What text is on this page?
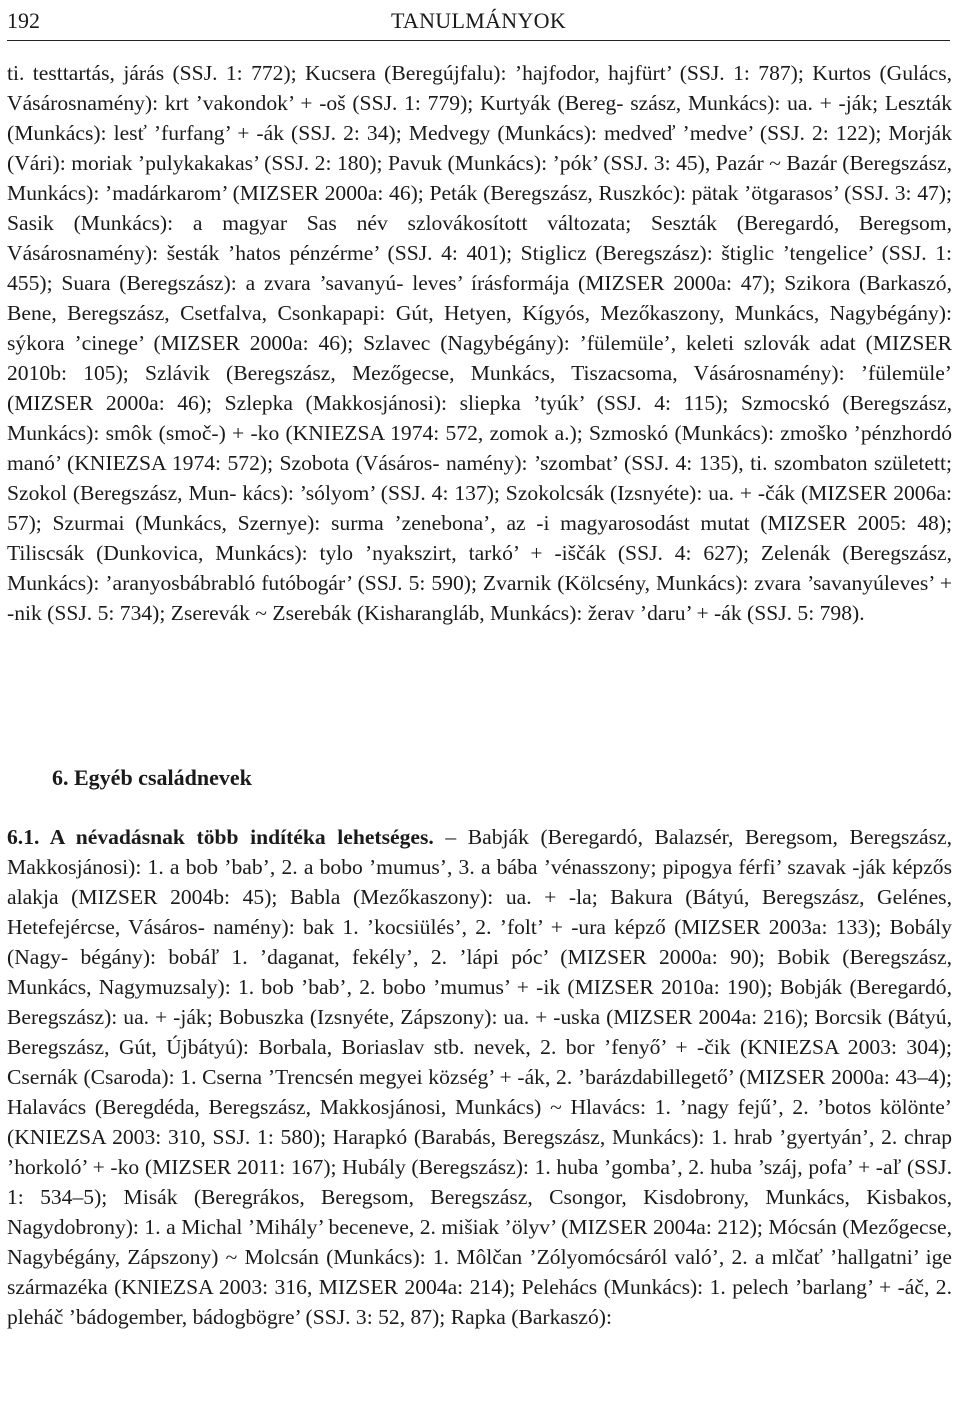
192	TANULMÁNYOK

ti. testtartás, járás (SSJ. 1: 772); Kucsera (Beregújfalu): ’hajfodor, hajfürt’ (SSJ. 1: 787); Kurtos (Gulács, Vásárosnamény): krt ’vakondok’ + -oš (SSJ. 1: 779); Kurtyák (Bereg- szász, Munkács): ua. + -ják; Leszták (Munkács): lesť ’furfang’ + -ák (SSJ. 2: 34); Medvegy (Munkács): medveď ’medve’ (SSJ. 2: 122); Morják (Vári): moriak ’pulykakakas’ (SSJ. 2: 180); Pavuk (Munkács): ’pók’ (SSJ. 3: 45), Pazár ~ Bazár (Beregszász, Munkács): ’madárkarom’ (MIZSER 2000a: 46); Peták (Beregszász, Ruszkóc): pätak ’ötgarasos’ (SSJ. 3: 47); Sasik (Munkács): a magyar Sas név szlovákosított változata; Seszták (Beregardó, Beregsom, Vásárosnamény): šesták ’hatos pénzérme’ (SSJ. 4: 401); Stiglicz (Beregszász): štiglic ’tengelice’ (SSJ. 1: 455); Suara (Beregszász): a zvara ’savanyú- leves’ írásformája (MIZSER 2000a: 47); Szikora (Barkaszó, Bene, Beregszász, Csetfalva, Csonkapapi: Gút, Hetyen, Kígyós, Mezőkaszony, Munkács, Nagybégány): sýkora ’cinege’ (MIZSER 2000a: 46); Szlavec (Nagybégány): ’fülemüle’, keleti szlovák adat (MIZSER 2010b: 105); Szlávik (Beregszász, Mezőgecse, Munkács, Tiszacsoma, Vásárosnamény): ’fülemüle’ (MIZSER 2000a: 46); Szlepka (Makkosjánosi): sliepka ’tyúk’ (SSJ. 4: 115); Szmocskó (Beregszász, Munkács): smôk (smoč-) + -ko (KNIEZSA 1974: 572, zomok a.); Szmoskó (Munkács): zmoško ’pénzhordó manó’ (KNIEZSA 1974: 572); Szobota (Vásáros- namény): ’szombat’ (SSJ. 4: 135), ti. szombaton született; Szokol (Beregszász, Mun- kács): ’sólyom’ (SSJ. 4: 137); Szokolcsák (Izsnyéte): ua. + -čák (MIZSER 2006a: 57); Szurmai (Munkács, Szernye): surma ’zenebona’, az -i magyarosodást mutat (MIZSER 2005: 48); Tiliscsák (Dunkovica, Munkács): tylo ’nyakszirt, tarkó’ + -iščák (SSJ. 4: 627); Zelenák (Beregszász, Munkács): ’aranyosbábrabló futóbogár’ (SSJ. 5: 590); Zvarnik (Kölcsény, Munkács): zvara ’savanyúleves’ + -nik (SSJ. 5: 734); Zserevák ~ Zserebák (Kisharangláb, Munkács): žerav ’daru’ + -ák (SSJ. 5: 798).

6. Egyéb családnevek

6.1. A névadásnak több indítéka lehetséges. – Babják (Beregardó, Balazsér, Beregsom, Beregszász, Makkosjánosi): 1. a bob ’bab’, 2. a bobo ’mumus’, 3. a bába ’vénasszony; pipogya férfi’ szavak -ják képzős alakja (MIZSER 2004b: 45); Babla (Mezőkaszony): ua. + -la; Bakura (Bátyú, Beregszász, Gelénes, Hetefejércse, Vásáros- namény): bak 1. ’kocsiülés’, 2. ’folt’ + -ura képző (MIZSER 2003a: 133); Bobály (Nagy- bégány): bobáľ 1. ’daganat, fekély’, 2. ’lápi póc’ (MIZSER 2000a: 90); Bobik (Beregszász, Munkács, Nagymuzsaly): 1. bob ’bab’, 2. bobo ’mumus’ + -ik (MIZSER 2010a: 190); Bobják (Beregardó, Beregszász): ua. + -ják; Bobuszka (Izsnyéte, Zápszony): ua. + -uska (MIZSER 2004a: 216); Borcsik (Bátyú, Beregszász, Gút, Újbátyú): Borbala, Boriaslav stb. nevek, 2. bor ’fenyő’ + -čik (KNIEZSA 2003: 304); Csernák (Csaroda): 1. Cserna ’Trencsén megyei község’ + -ák, 2. ’barázdabillegető’ (MIZSER 2000a: 43–4); Halavács (Beregdéda, Beregszász, Makkosjánosi, Munkács) ~ Hlavács: 1. ’nagy fejű’, 2. ’botos kölönte’ (KNIEZSA 2003: 310, SSJ. 1: 580); Harapkó (Barabás, Beregszász, Munkács): 1. hrab ’gyertyán’, 2. chrap ’horkoló’ + -ko (MIZSER 2011: 167); Hubály (Beregszász): 1. huba ’gomba’, 2. huba ’száj, pofa’ + -aľ (SSJ. 1: 534–5); Misák (Beregrákos, Beregsom, Beregszász, Csongor, Kisdobrony, Munkács, Kisbakos, Nagydobrony): 1. a Michal ’Mihály’ beceneve, 2. mišiak ’ölyv’ (MIZSER 2004a: 212); Mócsán (Mezőgecse, Nagybégány, Zápszony) ~ Molcsán (Munkács): 1. Môlčan ’Zólyomócsáról való’, 2. a mlčať ’hallgatni’ ige származéka (KNIEZSA 2003: 316, MIZSER 2004a: 214); Pelehács (Munkács): 1. pelech ’barlang’ + -áč, 2. pleháč ’bádogember, bádogbögre’ (SSJ. 3: 52, 87); Rapka (Barkaszó):
